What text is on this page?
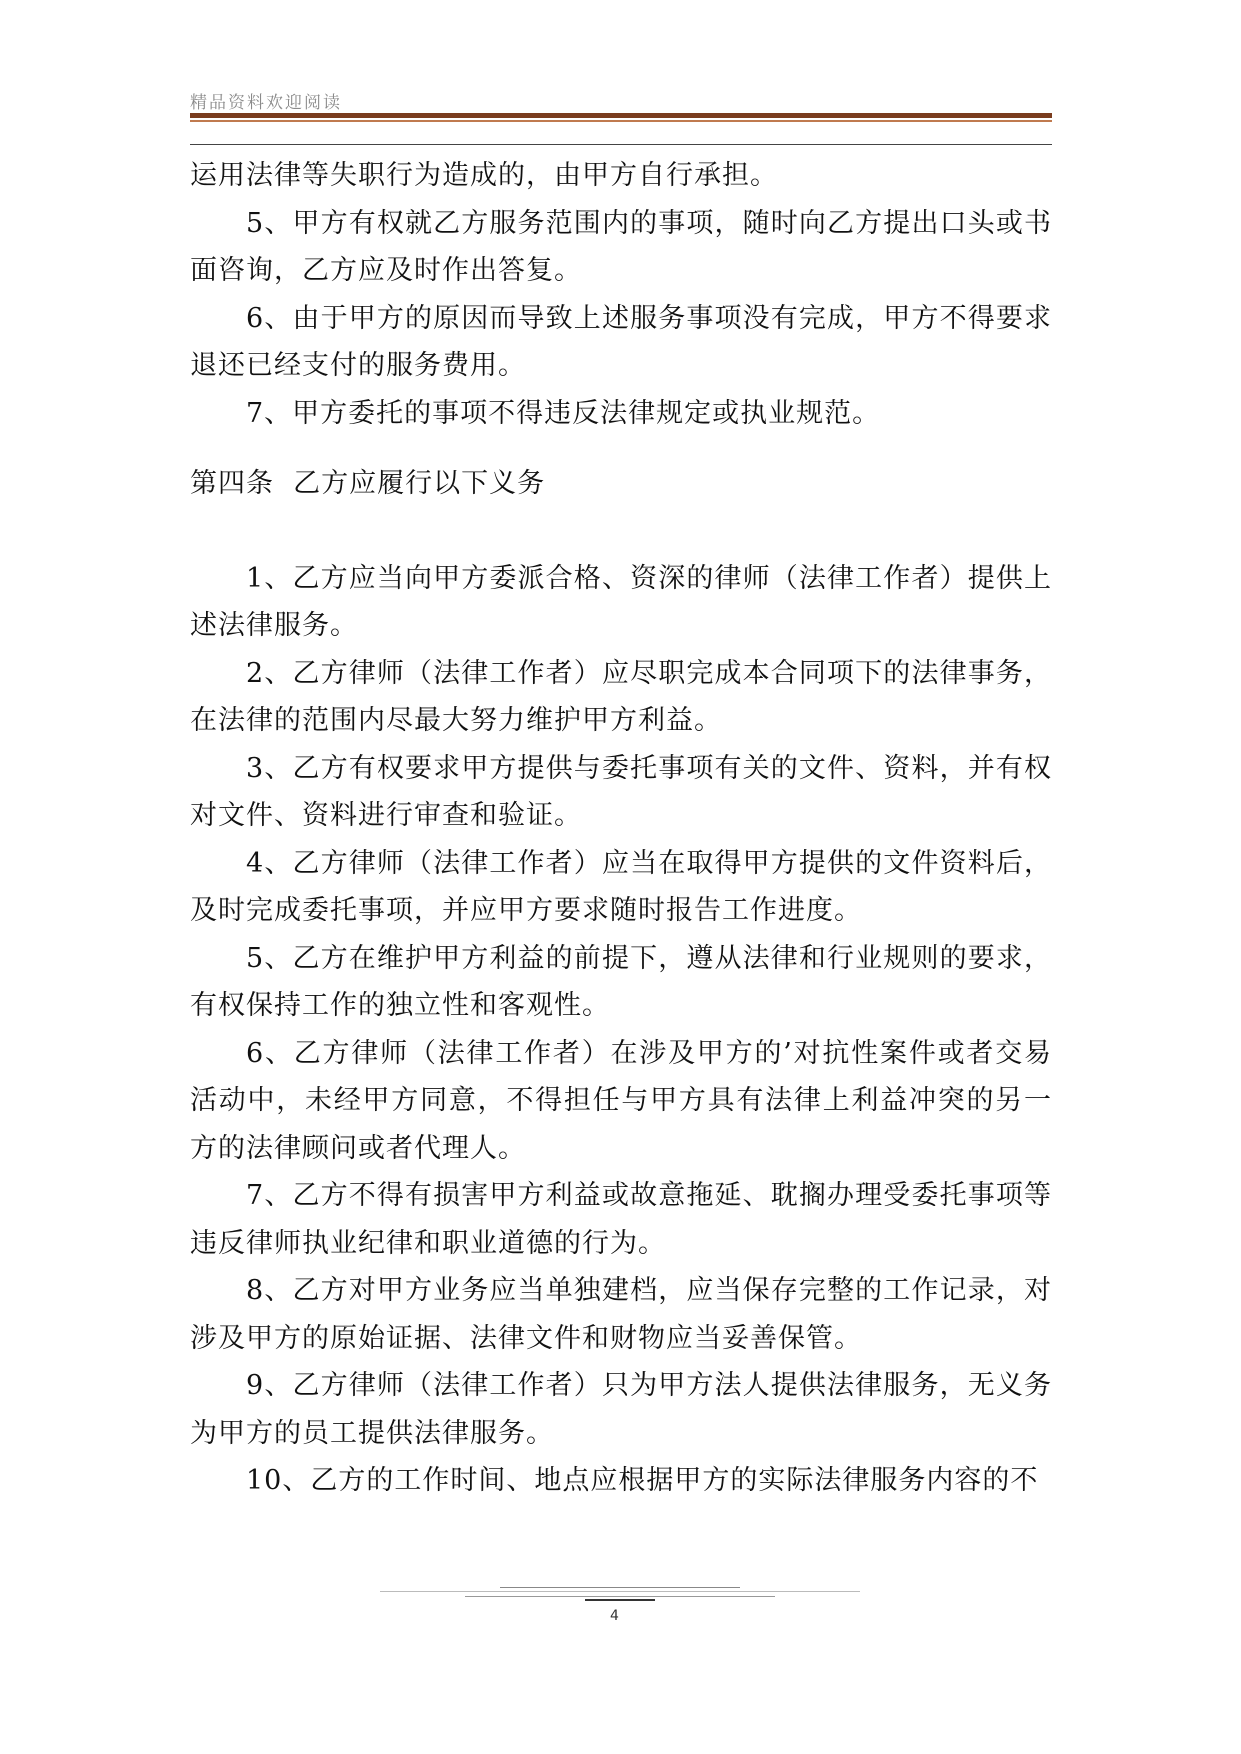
精品资料欢迎阅读

运用法律等失职行为造成的，由甲方自行承担。

5、甲方有权就乙方服务范围内的事项，随时向乙方提出口头或书面咨询，乙方应及时作出答复。

6、由于甲方的原因而导致上述服务事项没有完成，甲方不得要求退还已经支付的服务费用。

7、甲方委托的事项不得违反法律规定或执业规范。

第四条  乙方应履行以下义务

1、乙方应当向甲方委派合格、资深的律师（法律工作者）提供上述法律服务。

2、乙方律师（法律工作者）应尽职完成本合同项下的法律事务，在法律的范围内尽最大努力维护甲方利益。

3、乙方有权要求甲方提供与委托事项有关的文件、资料，并有权对文件、资料进行审查和验证。

4、乙方律师（法律工作者）应当在取得甲方提供的文件资料后，及时完成委托事项，并应甲方要求随时报告工作进度。

5、乙方在维护甲方利益的前提下，遵从法律和行业规则的要求，有权保持工作的独立性和客观性。

6、乙方律师（法律工作者）在涉及甲方的’对抗性案件或者交易活动中，未经甲方同意，不得担任与甲方具有法律上利益冲突的另一方的法律顾问或者代理人。

7、乙方不得有损害甲方利益或故意拖延、耽搁办理受委托事项等违反律师执业纪律和职业道德的行为。

8、乙方对甲方业务应当单独建档，应当保存完整的工作记录，对涉及甲方的原始证据、法律文件和财物应当妥善保管。

9、乙方律师（法律工作者）只为甲方法人提供法律服务，无义务为甲方的员工提供法律服务。

10、乙方的工作时间、地点应根据甲方的实际法律服务内容的不

4
